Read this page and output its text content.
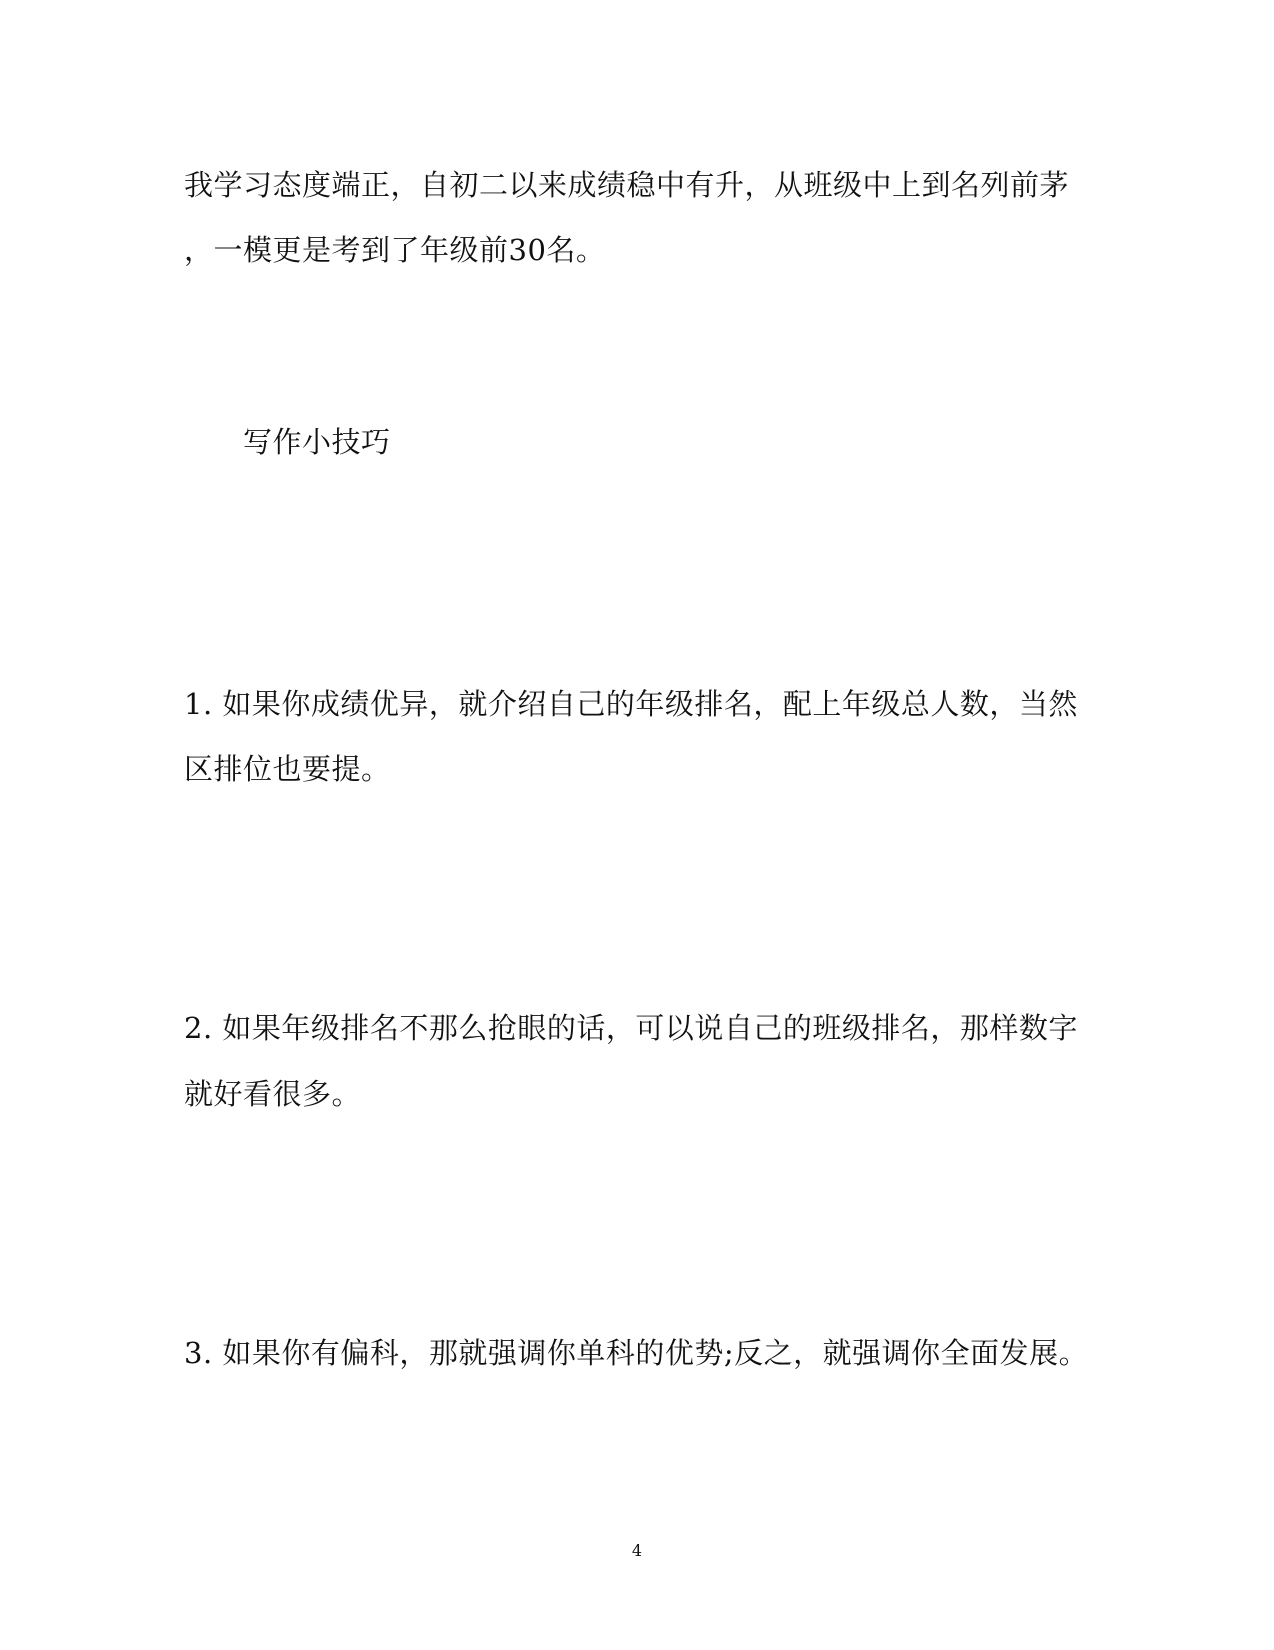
我学习态度端正，自初二以来成绩稳中有升，从班级中上到名列前茅
，一模更是考到了年级前30名。
写作小技巧
1. 如果你成绩优异，就介绍自己的年级排名，配上年级总人数，当然
区排位也要提。
2. 如果年级排名不那么抢眼的话，可以说自己的班级排名，那样数字
就好看很多。
3. 如果你有偏科，那就强调你单科的优势;反之，就强调你全面发展。
4
